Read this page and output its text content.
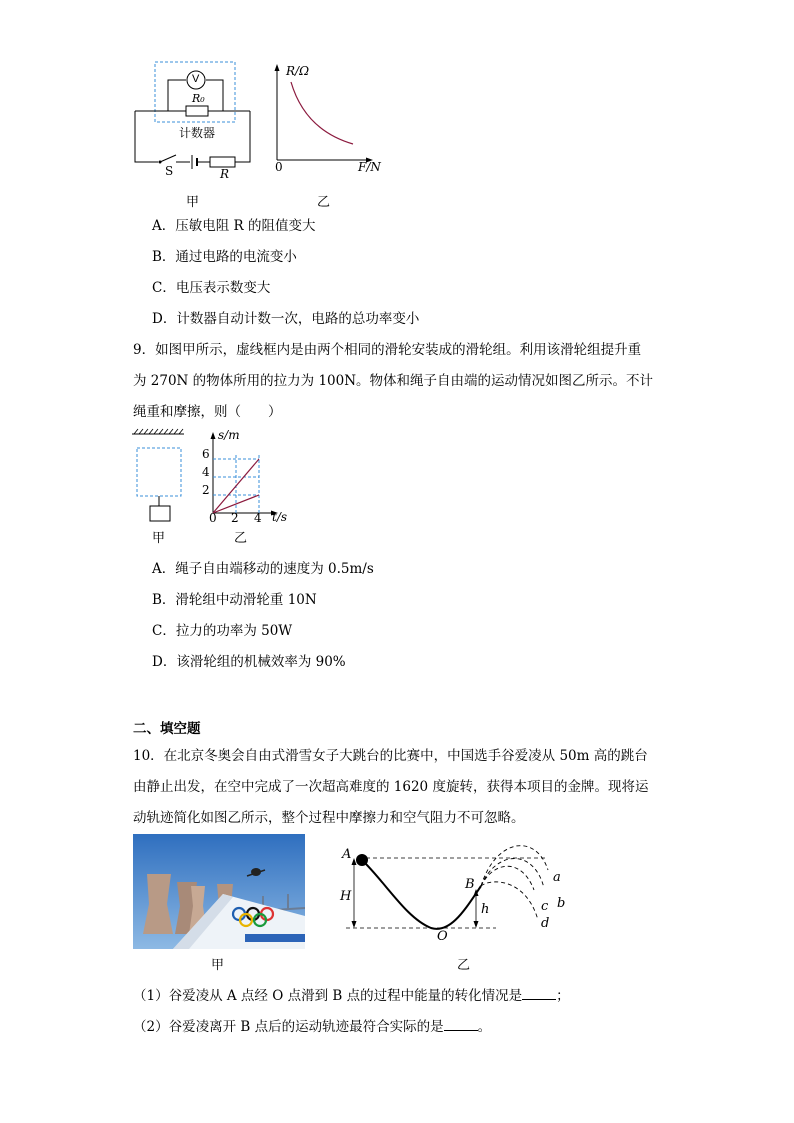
V
R₀
计数器
S	R
甲
R/Ω
F/N
0
乙
A．压敏电阻 R 的阻值变大
B．通过电路的电流变小
C．电压表示数变大
D．计数器自动计数一次，电路的总功率变小
9．如图甲所示，虚线框内是由两个相同的滑轮安装成的滑轮组。利用该滑轮组提升重
为 270N 的物体所用的拉力为 100N。物体和绳子自由端的运动情况如图乙所示。不计
绳重和摩擦，则（　　）
甲
s/m
t/s
6
4
2
0 2 4
乙
A．绳子自由端移动的速度为 0.5m/s
B．滑轮组中动滑轮重 10N
C．拉力的功率为 50W
D．该滑轮组的机械效率为 90%
二、填空题
10．在北京冬奥会自由式滑雪女子大跳台的比赛中，中国选手谷爱凌从 50m 高的跳台
由静止出发，在空中完成了一次超高难度的 1620 度旋转，获得本项目的金牌。现将运
动轨迹简化如图乙所示，整个过程中摩擦力和空气阻力不可忽略。
甲
A
B
O
H
h
a
b
c
d
乙
（1）谷爱凌从 A 点经 O 点滑到 B 点的过程中能量的转化情况是	；
（2）谷爱凌离开 B 点后的运动轨迹最符合实际的是	。
